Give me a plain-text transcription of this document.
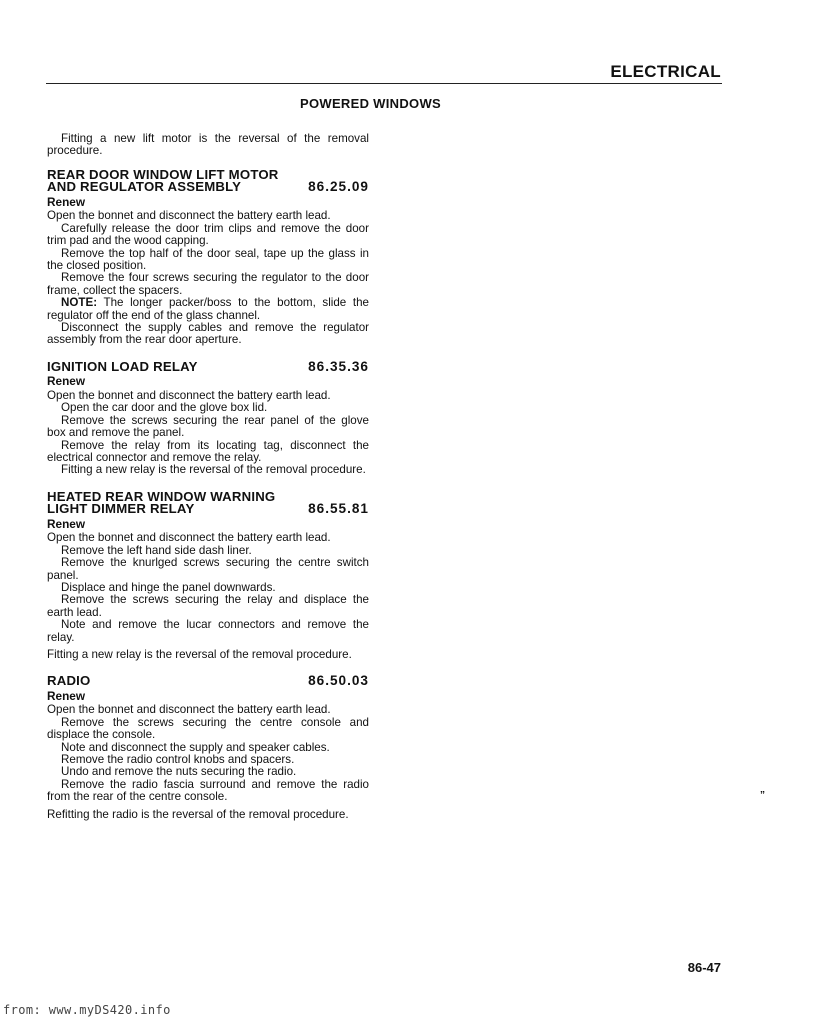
ELECTRICAL
POWERED WINDOWS

Fitting a new lift motor is the reversal of the removal procedure.

REAR DOOR WINDOW LIFT MOTOR
AND REGULATOR ASSEMBLY	86.25.09
Renew

Open the bonnet and disconnect the battery earth lead.

Carefully release the door trim clips and remove the door trim pad and the wood capping.

Remove the top half of the door seal, tape up the glass in the closed position.

Remove the four screws securing the regulator to the door frame, collect the spacers.

NOTE: The longer packer/boss to the bottom, slide the regulator off the end of the glass channel.

Disconnect the supply cables and remove the regulator assembly from the rear door aperture.

IGNITION LOAD RELAY	86.35.36
Renew

Open the bonnet and disconnect the battery earth lead.

Open the car door and the glove box lid.

Remove the screws securing the rear panel of the glove box and remove the panel.

Remove the relay from its locating tag, disconnect the electrical connector and remove the relay.

Fitting a new relay is the reversal of the removal procedure.

HEATED REAR WINDOW WARNING
LIGHT DIMMER RELAY	86.55.81
Renew

Open the bonnet and disconnect the battery earth lead.

Remove the left hand side dash liner.

Remove the knurlged screws securing the centre switch panel.

Displace and hinge the panel downwards.

Remove the screws securing the relay and displace the earth lead.

Note and remove the lucar connectors and remove the relay.

Fitting a new relay is the reversal of the removal procedure.

RADIO	86.50.03
Renew

Open the bonnet and disconnect the battery earth lead.

Remove the screws securing the centre console and displace the console.

Note and disconnect the supply and speaker cables.

Remove the radio control knobs and spacers.

Undo and remove the nuts securing the radio.

Remove the radio fascia surround and remove the radio from the rear of the centre console.

Refitting the radio is the reversal of the removal procedure.

”
86-47
from: www.myDS420.info
